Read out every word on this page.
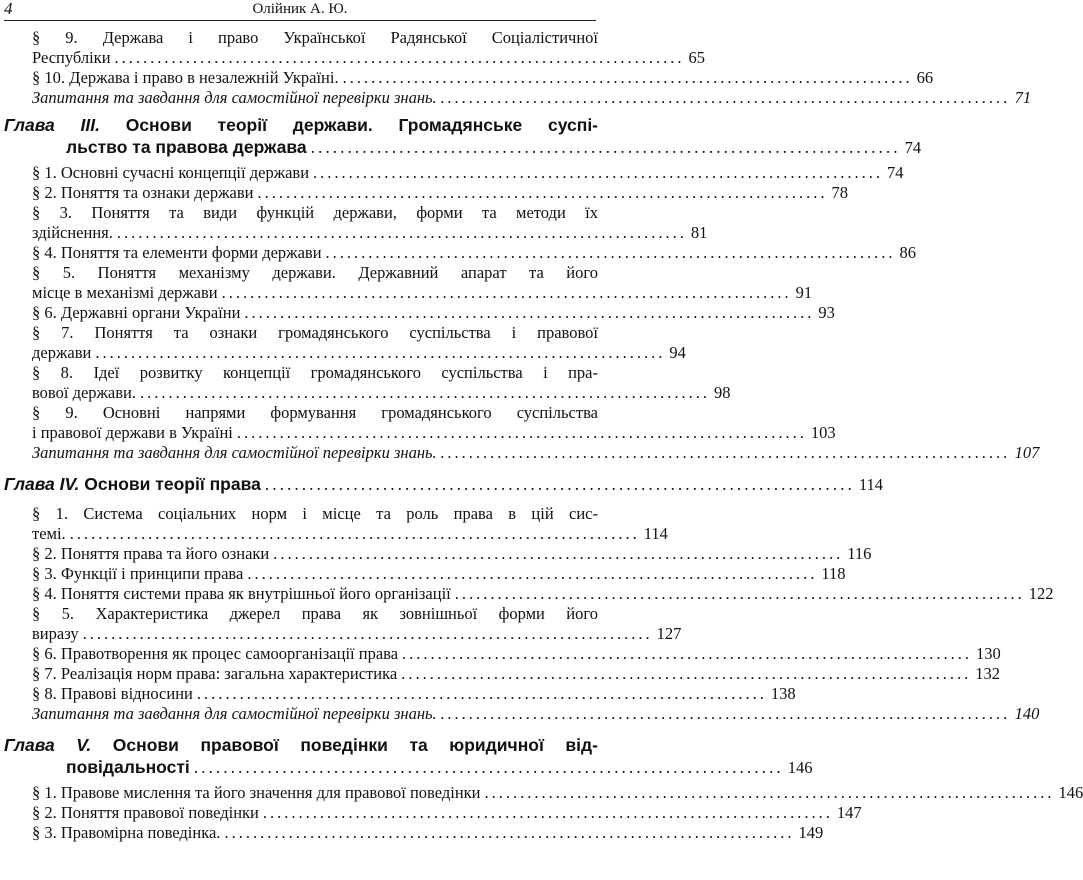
4	Олійник А. Ю.
§ 9. Держава і право Української Радянської Соціалістичної
Республіки ................................................................................ 65
§ 10. Держава і право в незалежній Україні. ................................................................................ 66
Запитання та завдання для самостійної перевірки знань. ................................................................................ 71
Глава ІІІ. Основи теорії держави. Громадянське суспі-
льство та правова держава ................................................................................ 74
§ 1. Основні сучасні концепції держави ................................................................................ 74
§ 2. Поняття та ознаки держави ................................................................................ 78
§ 3. Поняття та види функцій держави, форми та методи їх
здійснення. ................................................................................ 81
§ 4. Поняття та елементи форми держави ................................................................................ 86
§ 5. Поняття механізму держави. Державний апарат та його
місце в механізмі держави ................................................................................ 91
§ 6. Державні органи України ................................................................................ 93
§ 7. Поняття та ознаки громадянського суспільства і правової
держави ................................................................................ 94
§ 8. Ідеї розвитку концепції громадянського суспільства і пра-
вової держави. ................................................................................ 98
§ 9. Основні напрями формування громадянського суспільства
і правової держави в Україні ................................................................................ 103
Запитання та завдання для самостійної перевірки знань. ................................................................................ 107
Глава IV.
Основи теорії права ................................................................................ 114
§ 1. Система соціальних норм і місце та роль права в цій сис-
темі. ................................................................................ 114
§ 2. Поняття права та його ознаки ................................................................................ 116
§ 3. Функції і принципи права ................................................................................ 118
§ 4. Поняття системи права як внутрішньої його організації ................................................................................ 122
§ 5. Характеристика джерел права як зовнішньої форми його
виразу ................................................................................ 127
§ 6. Правотворення як процес самоорганізації права ................................................................................ 130
§ 7. Реалізація норм права: загальна характеристика ................................................................................ 132
§ 8. Правові відносини ................................................................................ 138
Запитання та завдання для самостійної перевірки знань. ................................................................................ 140
Глава V. Основи правової поведінки та юридичної від-
повідальності ................................................................................ 146
§ 1. Правове мислення та його значення для правової поведінки ................................................................................ 146
§ 2. Поняття правової поведінки ................................................................................ 147
§ 3. Правомірна поведінка. ................................................................................ 149
